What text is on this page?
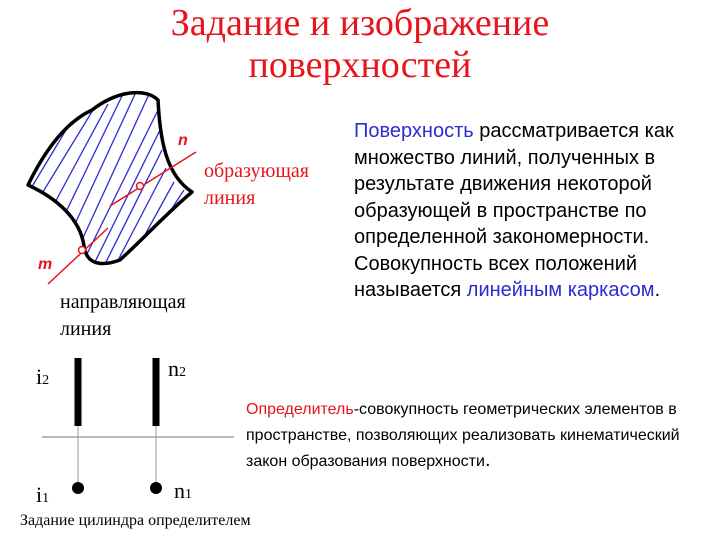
Задание и изображение
поверхностей
n
m
образующая
линия
направляющая
линия
Поверхность рассматривается как множество линий, полученных в результате движения некоторой образующей в пространстве по определенной закономерности. Совокупность всех положений называется линейным каркасом.
Определитель-совокупность геометрических элементов в пространстве, позволяющих реализовать кинематический закон образования поверхности.
i2	n2
i1	n1
Задание цилиндра определителем
